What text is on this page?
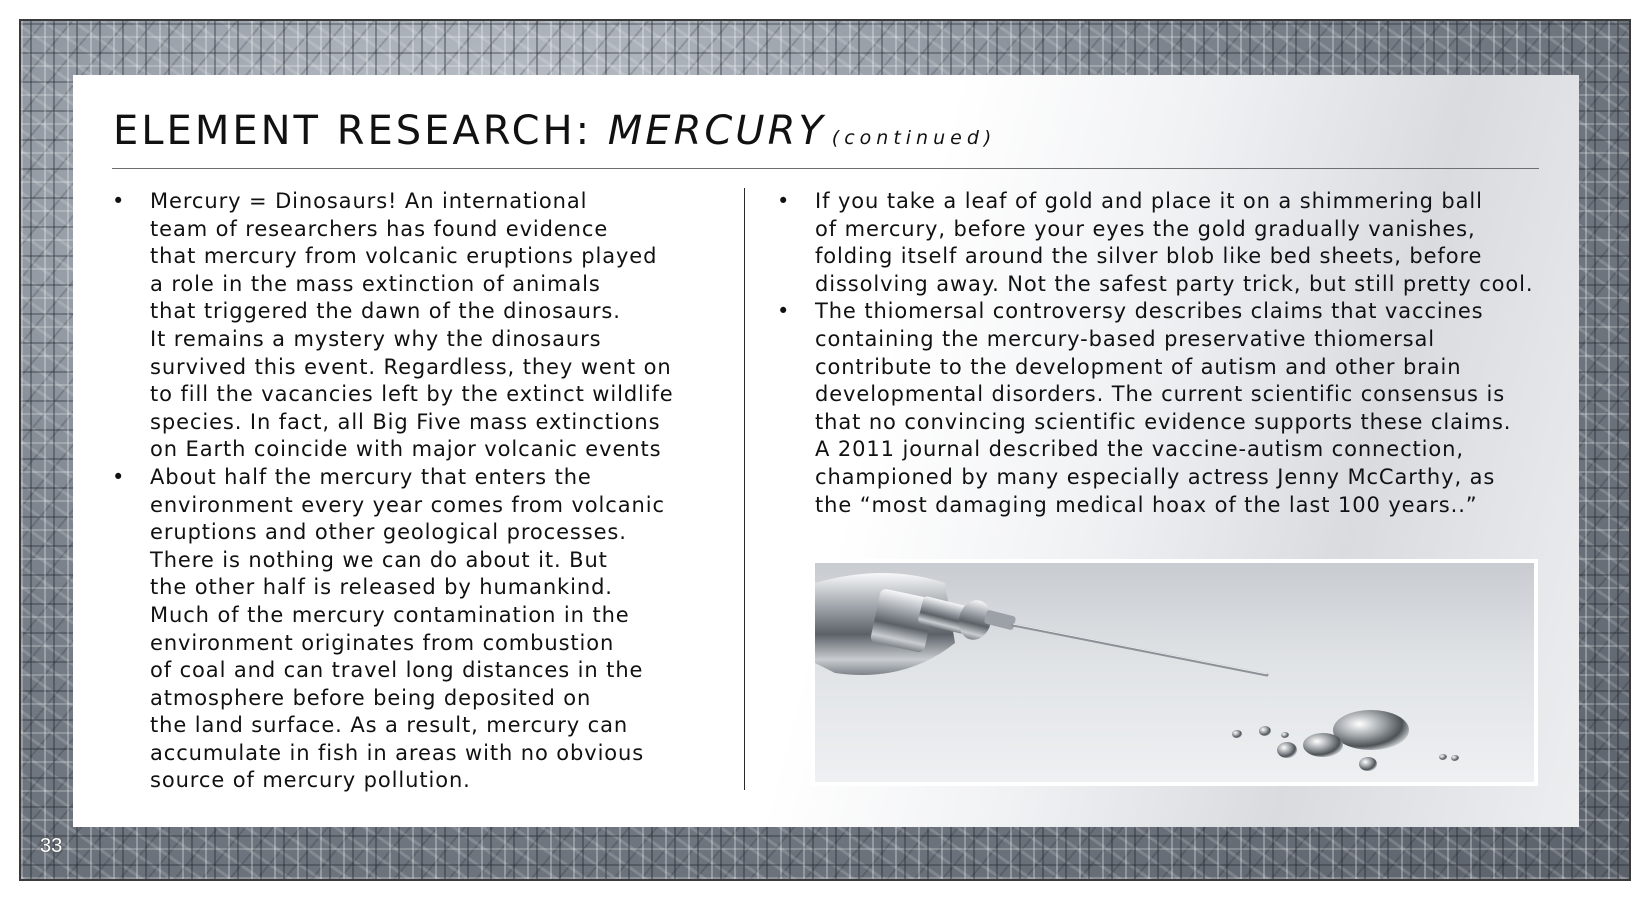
ELEMENT RESEARCH: MERCURY (continued)
• Mercury = Dinosaurs! An international
team of researchers has found evidence
that mercury from volcanic eruptions played
a role in the mass extinction of animals
that triggered the dawn of the dinosaurs.
It remains a mystery why the dinosaurs
survived this event. Regardless, they went on
to fill the vacancies left by the extinct wildlife
species. In fact, all Big Five mass extinctions
on Earth coincide with major volcanic events
• About half the mercury that enters the
environment every year comes from volcanic
eruptions and other geological processes.
There is nothing we can do about it. But
the other half is released by humankind.
Much of the mercury contamination in the
environment originates from combustion
of coal and can travel long distances in the
atmosphere before being deposited on
the land surface. As a result, mercury can
accumulate in fish in areas with no obvious
source of mercury pollution.
• If you take a leaf of gold and place it on a shimmering ball
of mercury, before your eyes the gold gradually vanishes,
folding itself around the silver blob like bed sheets, before
dissolving away. Not the safest party trick, but still pretty cool.
• The thiomersal controversy describes claims that vaccines
containing the mercury-based preservative thiomersal
contribute to the development of autism and other brain
developmental disorders. The current scientific consensus is
that no convincing scientific evidence supports these claims.
A 2011 journal described the vaccine-autism connection,
championed by many especially actress Jenny McCarthy, as
the “most damaging medical hoax of the last 100 years..”
33
